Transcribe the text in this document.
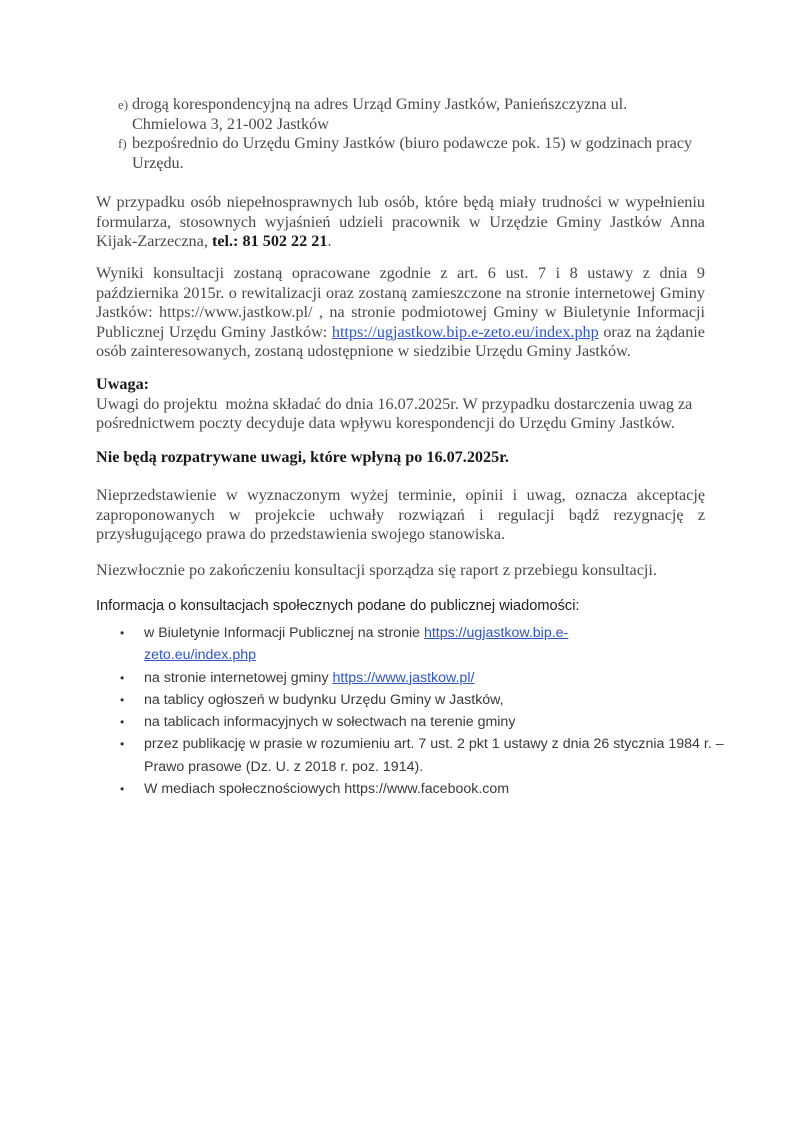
e) drogą korespondencyjną na adres Urząd Gminy Jastków, Panieńszczyzna ul. Chmielowa 3, 21-002 Jastków
f) bezpośrednio do Urzędu Gminy Jastków (biuro podawcze pok. 15) w godzinach pracy Urzędu.
W przypadku osób niepełnosprawnych lub osób, które będą miały trudności w wypełnieniu formularza, stosownych wyjaśnień udzieli pracownik w Urzędzie Gminy Jastków Anna Kijak-Zarzeczna, tel.: 81 502 22 21.
Wyniki konsultacji zostaną opracowane zgodnie z art. 6 ust. 7 i 8 ustawy z dnia 9 października 2015r. o rewitalizacji oraz zostaną zamieszczone na stronie internetowej Gminy Jastków: https://www.jastkow.pl/ , na stronie podmiotowej Gminy w Biuletynie Informacji Publicznej Urzędu Gminy Jastków: https://ugjastkow.bip.e-zeto.eu/index.php oraz na żądanie osób zainteresowanych, zostaną udostępnione w siedzibie Urzędu Gminy Jastków.
Uwaga:
Uwagi do projektu  można składać do dnia 16.07.2025r. W przypadku dostarczenia uwag za pośrednictwem poczty decyduje data wpływu korespondencji do Urzędu Gminy Jastków.
Nie będą rozpatrywane uwagi, które wpłyną po 16.07.2025r.
Nieprzedstawienie w wyznaczonym wyżej terminie, opinii i uwag, oznacza akceptację zaproponowanych w projekcie uchwały rozwiązań i regulacji bądź rezygnację z przysługującego prawa do przedstawienia swojego stanowiska.
Niezwłocznie po zakończeniu konsultacji sporządza się raport z przebiegu konsultacji.
Informacja o konsultacjach społecznych podane do publicznej wiadomości:
• w Biuletynie Informacji Publicznej na stronie https://ugjastkow.bip.e-zeto.eu/index.php
• na stronie internetowej gminy https://www.jastkow.pl/
• na tablicy ogłoszeń w budynku Urzędu Gminy w Jastków,
• na tablicach informacyjnych w sołectwach na terenie gminy
• przez publikację w prasie w rozumieniu art. 7 ust. 2 pkt 1 ustawy z dnia 26 stycznia 1984 r. – Prawo prasowe (Dz. U. z 2018 r. poz. 1914).
• W mediach społecznościowych https://www.facebook.com
